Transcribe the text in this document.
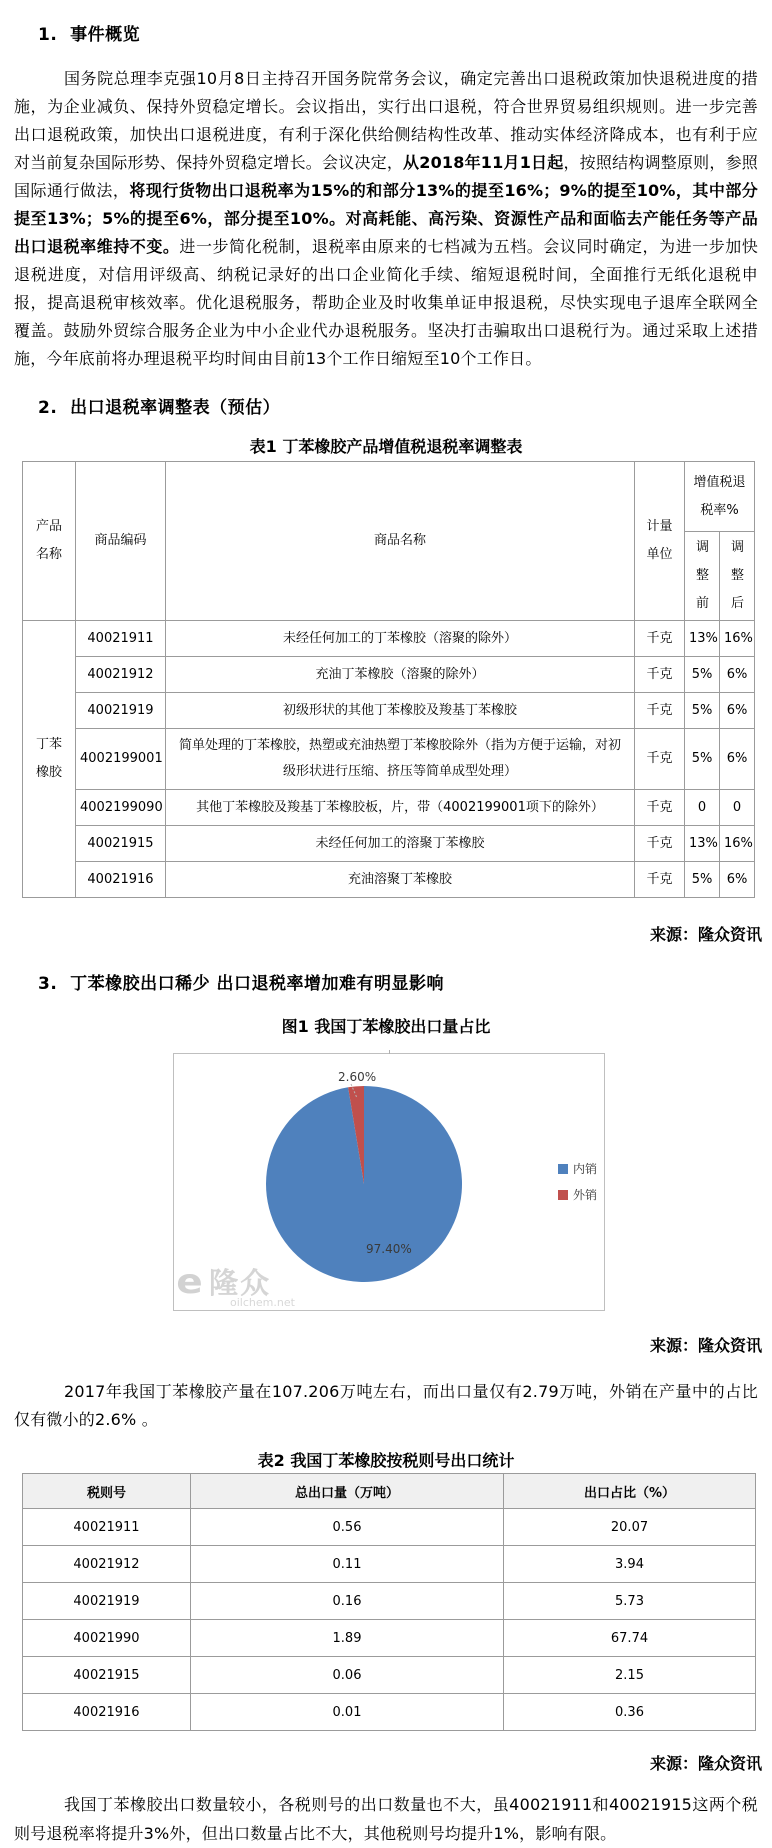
1.  事件概览

国务院总理李克强10月8日主持召开国务院常务会议，确定完善出口退税政策加快退税进度的措施，为企业减负、保持外贸稳定增长。会议指出，实行出口退税，符合世界贸易组织规则。进一步完善出口退税政策，加快出口退税进度，有利于深化供给侧结构性改革、推动实体经济降成本，也有利于应对当前复杂国际形势、保持外贸稳定增长。会议决定，从2018年11月1日起，按照结构调整原则，参照国际通行做法，将现行货物出口退税率为15%的和部分13%的提至16%；9%的提至10%，其中部分提至13%；5%的提至6%，部分提至10%。对高耗能、高污染、资源性产品和面临去产能任务等产品出口退税率维持不变。进一步简化税制，退税率由原来的七档减为五档。会议同时确定，为进一步加快退税进度，对信用评级高、纳税记录好的出口企业简化手续、缩短退税时间，全面推行无纸化退税申报，提高退税审核效率。优化退税服务，帮助企业及时收集单证申报退税，尽快实现电子退库全联网全覆盖。鼓励外贸综合服务企业为中小企业代办退税服务。坚决打击骗取出口退税行为。通过采取上述措施，今年底前将办理退税平均时间由目前13个工作日缩短至10个工作日。

2.  出口退税率调整表（预估）
表1 丁苯橡胶产品增值税退税率调整表
产品名称	商品编码	商品名称	计量单位	增值税退税率%	
				调整前	调整后
丁苯橡胶	40021911	未经任何加工的丁苯橡胶（溶聚的除外）	千克	13%	16%
	40021912	充油丁苯橡胶（溶聚的除外）	千克	5%	6%
	40021919	初级形状的其他丁苯橡胶及羧基丁苯橡胶	千克	5%	6%
	4002199001	简单处理的丁苯橡胶，热塑或充油热塑丁苯橡胶除外（指为方便于运输，对初级形状进行压缩、挤压等简单成型处理）	千克	5%	6%
	4002199090	其他丁苯橡胶及羧基丁苯橡胶板，片，带（4002199001项下的除外）	千克	0	0
	40021915	未经任何加工的溶聚丁苯橡胶	千克	13%	16%
	40021916	充油溶聚丁苯橡胶	千克	5%	6%
来源：隆众资讯
3.  丁苯橡胶出口稀少 出口退税率增加难有明显影响
图1 我国丁苯橡胶出口量占比
2.60%
97.40%
内销
外销
e 隆众
oilchem.net
来源：隆众资讯

2017年我国丁苯橡胶产量在107.206万吨左右，而出口量仅有2.79万吨，外销在产量中的占比仅有微小的2.6% 。

表2 我国丁苯橡胶按税则号出口统计
税则号	总出口量（万吨）	出口占比（%）
40021911	0.56	20.07
40021912	0.11	3.94
40021919	0.16	5.73
40021990	1.89	67.74
40021915	0.06	2.15
40021916	0.01	0.36
来源：隆众资讯

我国丁苯橡胶出口数量较小，各税则号的出口数量也不大，虽40021911和40021915这两个税则号退税率将提升3%外，但出口数量占比不大，其他税则号均提升1%，影响有限。
